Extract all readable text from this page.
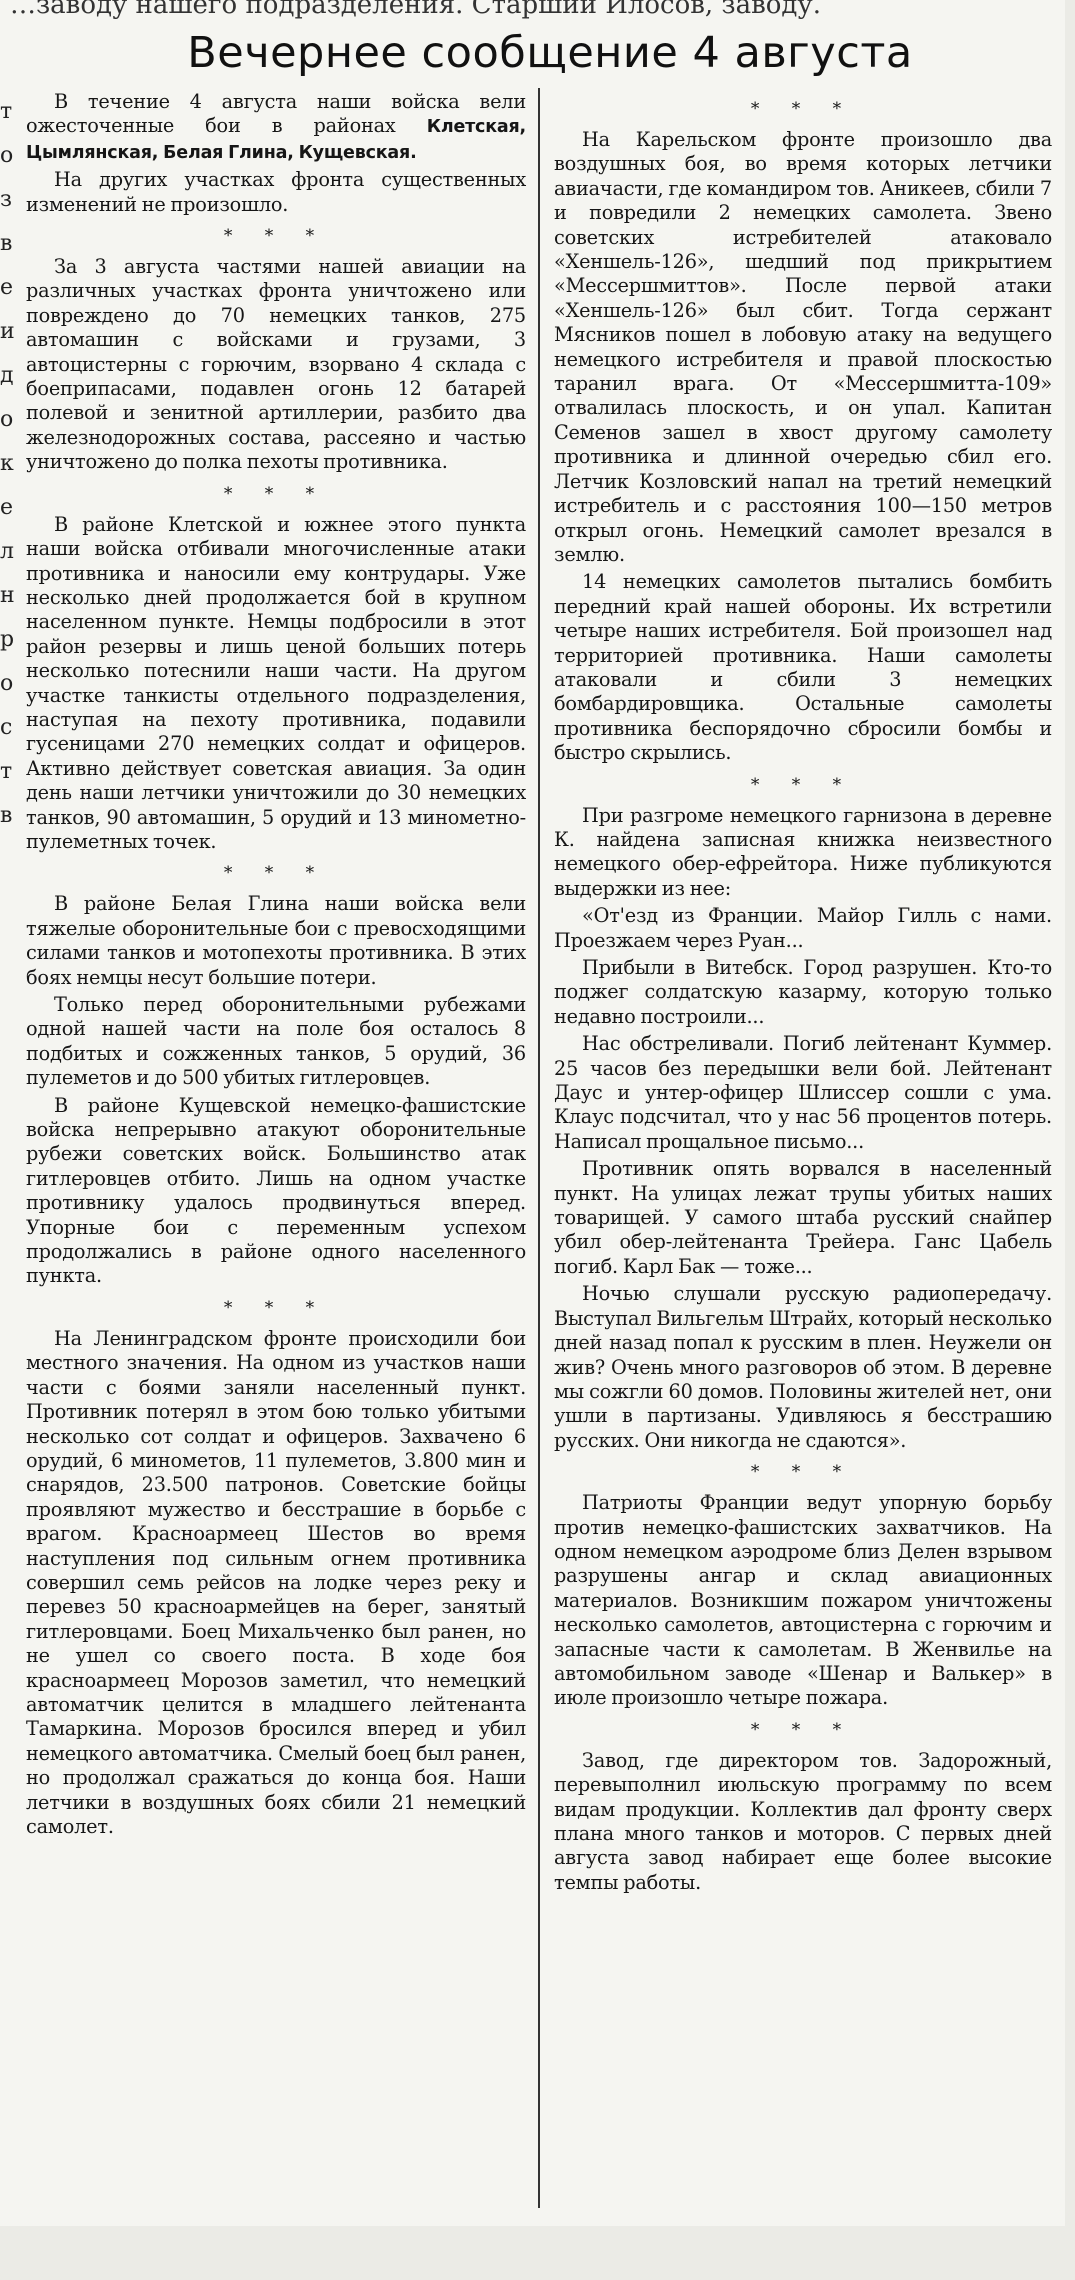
т
о
з
в
е
и
д
о
к
е
л
н
р
о
с
т
в
Вечернее сообщение 4 августа

В течение 4 августа наши войска вели ожесточенные бои в районах Клетская, Цымлянская, Белая Глина, Кущевская.

На других участках фронта существенных изменений не произошло.

* * *

За 3 августа частями нашей авиации на различных участках фронта уничтожено или повреждено до 70 немецких танков, 275 автомашин с войсками и грузами, 3 автоцистерны с горючим, взорвано 4 склада с боеприпасами, подавлен огонь 12 батарей полевой и зенитной артиллерии, разбито два железнодорожных состава, рассеяно и частью уничтожено до полка пехоты противника.

* * *

В районе Клетской и южнее этого пункта наши войска отбивали многочисленные атаки противника и наносили ему контрудары. Уже несколько дней продолжается бой в крупном населенном пункте. Немцы подбросили в этот район резервы и лишь ценой больших потерь несколько потеснили наши части. На другом участке танкисты отдельного подразделения, наступая на пехоту противника, подавили гусеницами 270 немецких солдат и офицеров. Активно действует советская авиация. За один день наши летчики уничтожили до 30 немецких танков, 90 автомашин, 5 орудий и 13 минометно-пулеметных точек.

* * *

В районе Белая Глина наши войска вели тяжелые оборонительные бои с превосходящими силами танков и мотопехоты противника. В этих боях немцы несут большие потери.

Только перед оборонительными рубежами одной нашей части на поле боя осталось 8 подбитых и сожженных танков, 5 орудий, 36 пулеметов и до 500 убитых гитлеровцев.

В районе Кущевской немецко-фашистские войска непрерывно атакуют оборонительные рубежи советских войск. Большинство атак гитлеровцев отбито. Лишь на одном участке противнику удалось продвинуться вперед. Упорные бои с переменным успехом продолжались в районе одного населенного пункта.

* * *

На Ленинградском фронте происходили бои местного значения. На одном из участков наши части с боями заняли населенный пункт. Противник потерял в этом бою только убитыми несколько сот солдат и офицеров. Захвачено 6 орудий, 6 минометов, 11 пулеметов, 3.800 мин и снарядов, 23.500 патронов. Советские бойцы проявляют мужество и бесстрашие в борьбе с врагом. Красноармеец Шестов во время наступления под сильным огнем противника совершил семь рейсов на лодке через реку и перевез 50 красноармейцев на берег, занятый гитлеровцами. Боец Михальченко был ранен, но не ушел со своего поста. В ходе боя красноармеец Морозов заметил, что немецкий автоматчик целится в младшего лейтенанта Тамаркина. Морозов бросился вперед и убил немецкого автоматчика. Смелый боец был ранен, но продолжал сражаться до конца боя. Наши летчики в воздушных боях сбили 21 немецкий самолет.

* * *

На Карельском фронте произошло два воздушных боя, во время которых летчики авиачасти, где командиром тов. Аникеев, сбили 7 и повредили 2 немецких самолета. Звено советских истребителей атаковало «Хеншель-126», шедший под прикрытием «Мессершмиттов». После первой атаки «Хеншель-126» был сбит. Тогда сержант Мясников пошел в лобовую атаку на ведущего немецкого истребителя и правой плоскостью таранил врага. От «Мессершмитта-109» отвалилась плоскость, и он упал. Капитан Семенов зашел в хвост другому самолету противника и длинной очередью сбил его. Летчик Козловский напал на третий немецкий истребитель и с расстояния 100—150 метров открыл огонь. Немецкий самолет врезался в землю.

14 немецких самолетов пытались бомбить передний край нашей обороны. Их встретили четыре наших истребителя. Бой произошел над территорией противника. Наши самолеты атаковали и сбили 3 немецких бомбардировщика. Остальные самолеты противника беспорядочно сбросили бомбы и быстро скрылись.

* * *

При разгроме немецкого гарнизона в деревне К. найдена записная книжка неизвестного немецкого обер-ефрейтора. Ниже публикуются выдержки из нее:

«От'езд из Франции. Майор Гилль с нами. Проезжаем через Руан...

Прибыли в Витебск. Город разрушен. Кто-то поджег солдатскую казарму, которую только недавно построили...

Нас обстреливали. Погиб лейтенант Куммер. 25 часов без передышки вели бой. Лейтенант Даус и унтер-офицер Шлиссер сошли с ума. Клаус подсчитал, что у нас 56 процентов потерь. Написал прощальное письмо...

Противник опять ворвался в населенный пункт. На улицах лежат трупы убитых наших товарищей. У самого штаба русский снайпер убил обер-лейтенанта Трейера. Ганс Цабель погиб. Карл Бак — тоже...

Ночью слушали русскую радиопередачу. Выступал Вильгельм Штрайх, который несколько дней назад попал к русским в плен. Неужели он жив? Очень много разговоров об этом. В деревне мы сожгли 60 домов. Половины жителей нет, они ушли в партизаны. Удивляюсь я бесстрашию русских. Они никогда не сдаются».

* * *

Патриоты Франции ведут упорную борьбу против немецко-фашистских захватчиков. На одном немецком аэродроме близ Делен взрывом разрушены ангар и склад авиационных материалов. Возникшим пожаром уничтожены несколько самолетов, автоцистерна с горючим и запасные части к самолетам. В Женвилье на автомобильном заводе «Шенар и Валькер» в июле произошло четыре пожара.

* * *

Завод, где директором тов. Задорожный, перевыполнил июльскую программу по всем видам продукции. Коллектив дал фронту сверх плана много танков и моторов. С первых дней августа завод набирает еще более высокие темпы работы.
